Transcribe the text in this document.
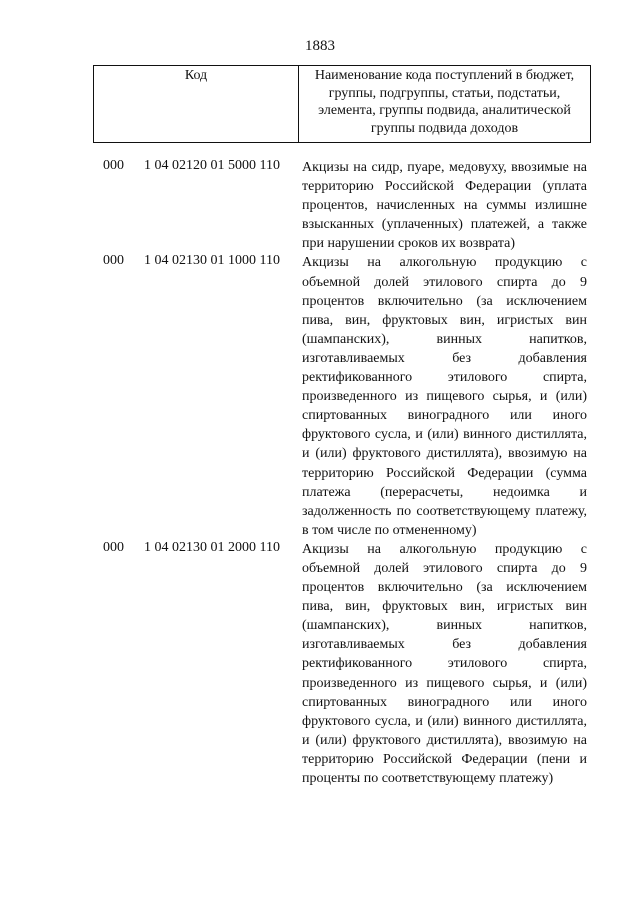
1883
Код	Наименование кода поступлений в бюджет, группы, подгруппы, статьи, подстатьи, элемента, группы подвида, аналитической группы подвида доходов
000 1 04 02120 01 5000 110 Акцизы на сидр, пуаре, медовуху, ввозимые на территорию Российской Федерации (уплата процентов, начисленных на суммы излишне взысканных (уплаченных) платежей, а также при нарушении сроков их возврата)
000 1 04 02130 01 1000 110 Акцизы на алкогольную продукцию с объемной долей этилового спирта до 9 процентов включительно (за исключением пива, вин, фруктовых вин, игристых вин (шампанских), винных напитков, изготавливаемых без добавления ректификованного этилового спирта, произведенного из пищевого сырья, и (или) спиртованных виноградного или иного фруктового сусла, и (или) винного дистиллята, и (или) фруктового дистиллята), ввозимую на территорию Российской Федерации (сумма платежа (перерасчеты, недоимка и задолженность по соответствующему платежу, в том числе по отмененному)
000 1 04 02130 01 2000 110 Акцизы на алкогольную продукцию с объемной долей этилового спирта до 9 процентов включительно (за исключением пива, вин, фруктовых вин, игристых вин (шампанских), винных напитков, изготавливаемых без добавления ректификованного этилового спирта, произведенного из пищевого сырья, и (или) спиртованных виноградного или иного фруктового сусла, и (или) винного дистиллята, и (или) фруктового дистиллята), ввозимую на территорию Российской Федерации (пени и проценты по соответствующему платежу)
